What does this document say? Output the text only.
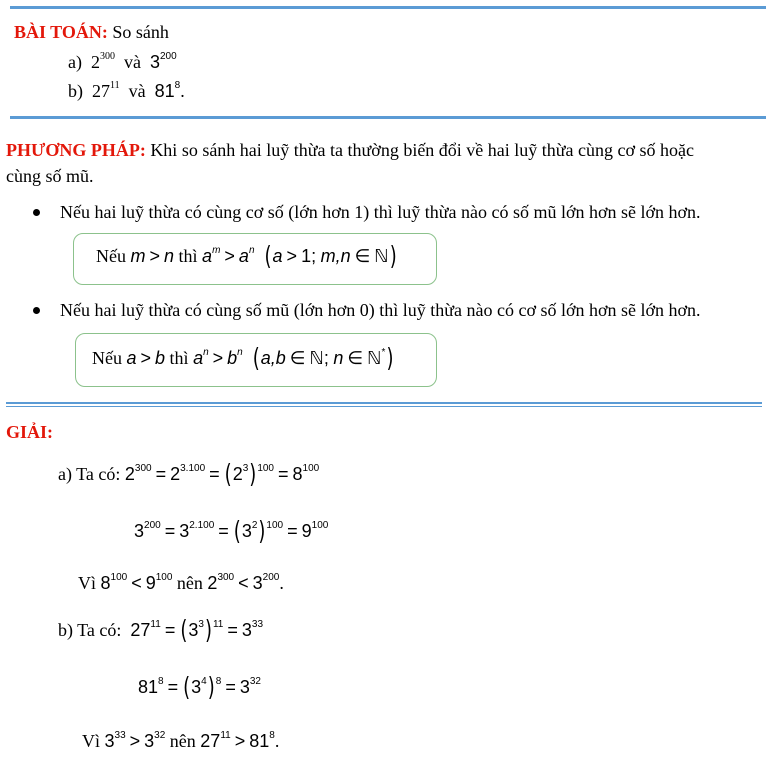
BÀI TOÁN: So sánh
a) $2^{300}$ và $3^{200}$
b) $27^{11}$ và $81^8$.
PHƯƠNG PHÁP: Khi so sánh hai luỹ thừa ta thường biến đổi về hai luỹ thừa cùng cơ số hoặc
cùng số mũ.
Nếu hai luỹ thừa có cùng cơ số (lớn hơn 1) thì luỹ thừa nào có số mũ lớn hơn sẽ lớn hơn.
Nếu m > n thì $a^m > a^n$ (a > 1; m,n ∈ ℕ)
Nếu hai luỹ thừa có cùng số mũ (lớn hơn 0) thì luỹ thừa nào có cơ số lớn hơn sẽ lớn hơn.
Nếu a > b thì $a^n > b^n$ (a,b ∈ ℕ; n ∈ ℕ*)
GIẢI:
a) Ta có: $2^{300} = 2^{3.100} = (2^3)^{100} = 8^{100}$
$3^{200} = 3^{2.100} = (3^2)^{100} = 9^{100}$
Vì $8^{100} < 9^{100}$ nên $2^{300} < 3^{200}$.
b) Ta có: $27^{11} = (3^3)^{11} = 3^{33}$
$81^8 = (3^4)^8 = 3^{32}$
Vì $3^{33} > 3^{32}$ nên $27^{11} > 81^8$.
